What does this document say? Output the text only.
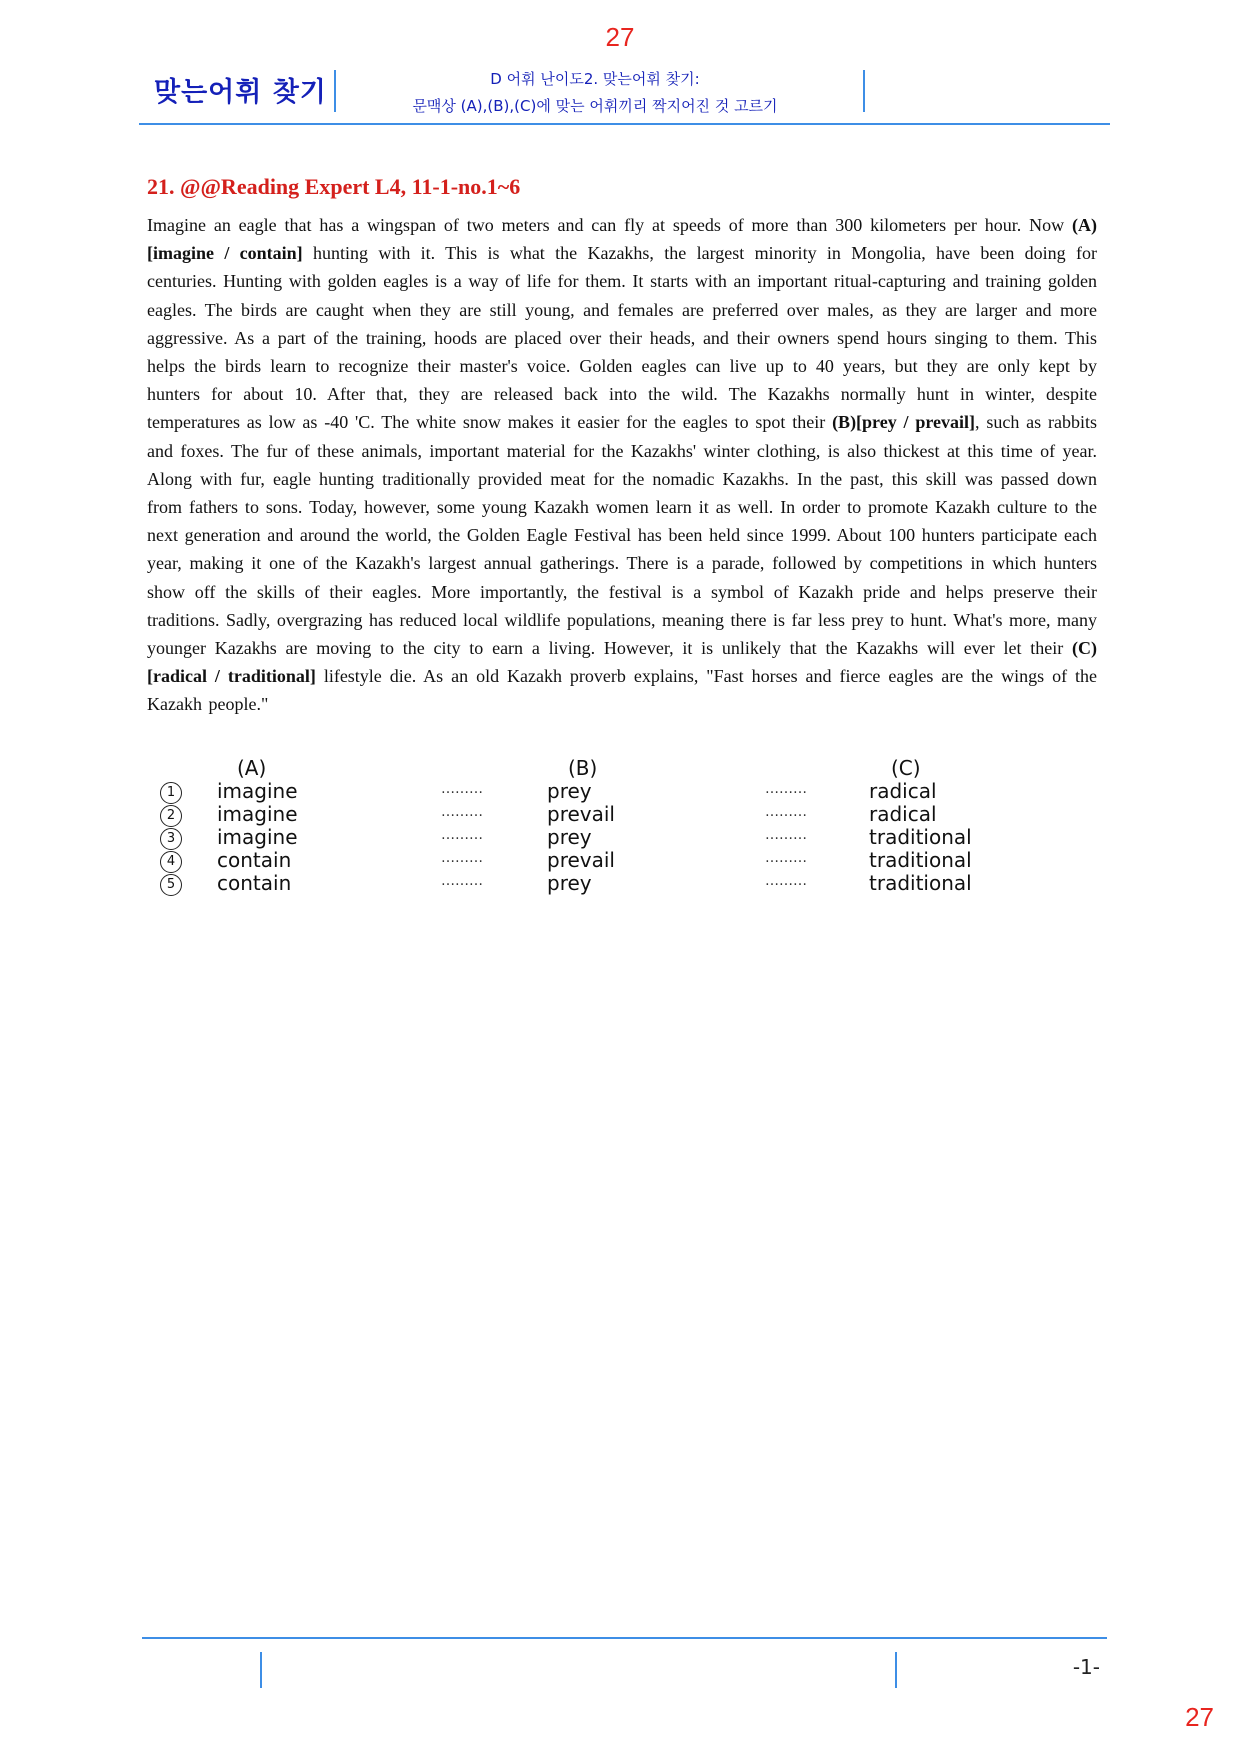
27
맞는어휘 찾기	D 어휘 난이도2. 맞는어휘 찾기:
문맥상 (A),(B),(C)에 맞는 어휘끼리 짝지어진 것 고르기
21. @@Reading Expert L4, 11-1-no.1~6
Imagine an eagle that has a wingspan of two meters and can fly at speeds of more than 300 kilometers per hour. Now (A)[imagine / contain] hunting with it. This is what the Kazakhs, the largest minority in Mongolia, have been doing for centuries. Hunting with golden eagles is a way of life for them. It starts with an important ritual-capturing and training golden eagles. The birds are caught when they are still young, and females are preferred over males, as they are larger and more aggressive. As a part of the training, hoods are placed over their heads, and their owners spend hours singing to them. This helps the birds learn to recognize their master's voice. Golden eagles can live up to 40 years, but they are only kept by hunters for about 10. After that, they are released back into the wild. The Kazakhs normally hunt in winter, despite temperatures as low as -40 'C. The white snow makes it easier for the eagles to spot their (B)[prey / prevail], such as rabbits and foxes. The fur of these animals, important material for the Kazakhs' winter clothing, is also thickest at this time of year. Along with fur, eagle hunting traditionally provided meat for the nomadic Kazakhs. In the past, this skill was passed down from fathers to sons. Today, however, some young Kazakh women learn it as well. In order to promote Kazakh culture to the next generation and around the world, the Golden Eagle Festival has been held since 1999. About 100 hunters participate each year, making it one of the Kazakh's largest annual gatherings. There is a parade, followed by competitions in which hunters show off the skills of their eagles. More importantly, the festival is a symbol of Kazakh pride and helps preserve their traditions. Sadly, overgrazing has reduced local wildlife populations, meaning there is far less prey to hunt. What's more, many younger Kazakhs are moving to the city to earn a living. However, it is unlikely that the Kazakhs will ever let their (C)[radical / traditional] lifestyle die. As an old Kazakh proverb explains, "Fast horses and fierce eagles are the wings of the Kazakh people."
(A)	(B)	(C)
1	imagine	………	prey	………	radical
2	imagine	………	prevail	………	radical
3	imagine	………	prey	………	traditional
4	contain	………	prevail	………	traditional
5	contain	………	prey	………	traditional
-1-
27
